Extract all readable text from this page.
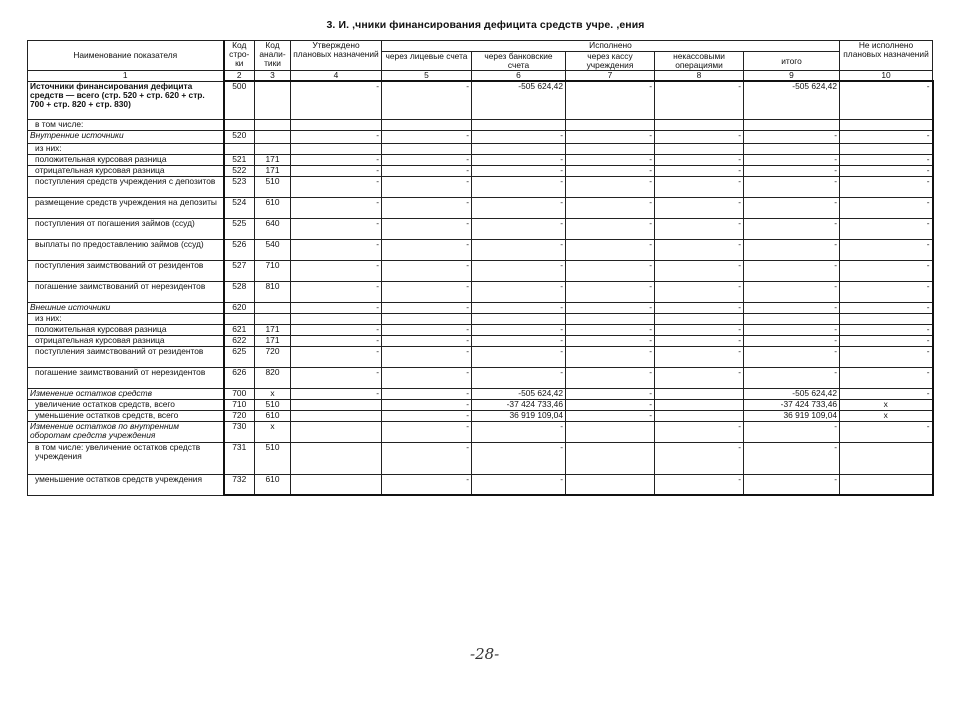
3. И. ,чники финансирования дефицита средств учре. ,ения
Наименование показателя	Код стро-ки	Код анали-тики	Утверждено плановых назначений	Исполнено					Не исполнено плановых назначений
				через лицевые счета	через банковские счета	через кассу учреждения	некассовыми операциями	итого	
1	2	3	4	5	6	7	8	9	10
Источники финансирования дефицита средств — всего (стр. 520 + стр. 620 + стр. 700 + стр. 820 + стр. 830)	500		-	-	-505 624,42	-	-	-505 624,42	-
в том числе:									
Внутренние источники	520		-	-	-	-	-	-	-
из них:									
положительная курсовая разница	521	171	-	-	-	-	-	-	-
отрицательная курсовая разница	522	171	-	-	-	-	-	-	-
поступления средств учреждения с депозитов	523	510	-	-	-	-	-	-	-
размещение средств учреждения на депозиты	524	610	-	-	-	-	-	-	-
поступления от погашения займов (ссуд)	525	640	-	-	-	-	-	-	-
выплаты по предоставлению займов (ссуд)	526	540	-	-	-	-	-	-	-
поступления заимствований от резидентов	527	710	-	-	-	-	-	-	-
погашение заимствований от нерезидентов	528	810	-	-	-	-	-	-	-
Внешние источники	620		-	-	-	-	-	-	-
из них:									
положительная курсовая разница	621	171	-	-	-	-	-	-	-
отрицательная курсовая разница	622	171	-	-	-	-	-	-	-
поступления заимствований от резидентов	625	720	-	-	-	-	-	-	-
погашение заимствований от нерезидентов	626	820	-	-	-	-	-	-	-
Изменение остатков средств	700	x	-	-	-505 624,42	-		-505 624,42	-
увеличение остатков средств, всего	710	510		-	-37 424 733,46	-		-37 424 733,46	x
уменьшение остатков средств, всего	720	610		-	36 919 109,04	-		36 919 109,04	x
Изменение остатков по внутренним оборотам средств учреждения	730	x		-	-		-	-	-
в том числе: увеличение остатков средств учреждения	731	510		-	-		-	-	
уменьшение остатков средств учреждения	732	610		-	-		-	-	
-28-
